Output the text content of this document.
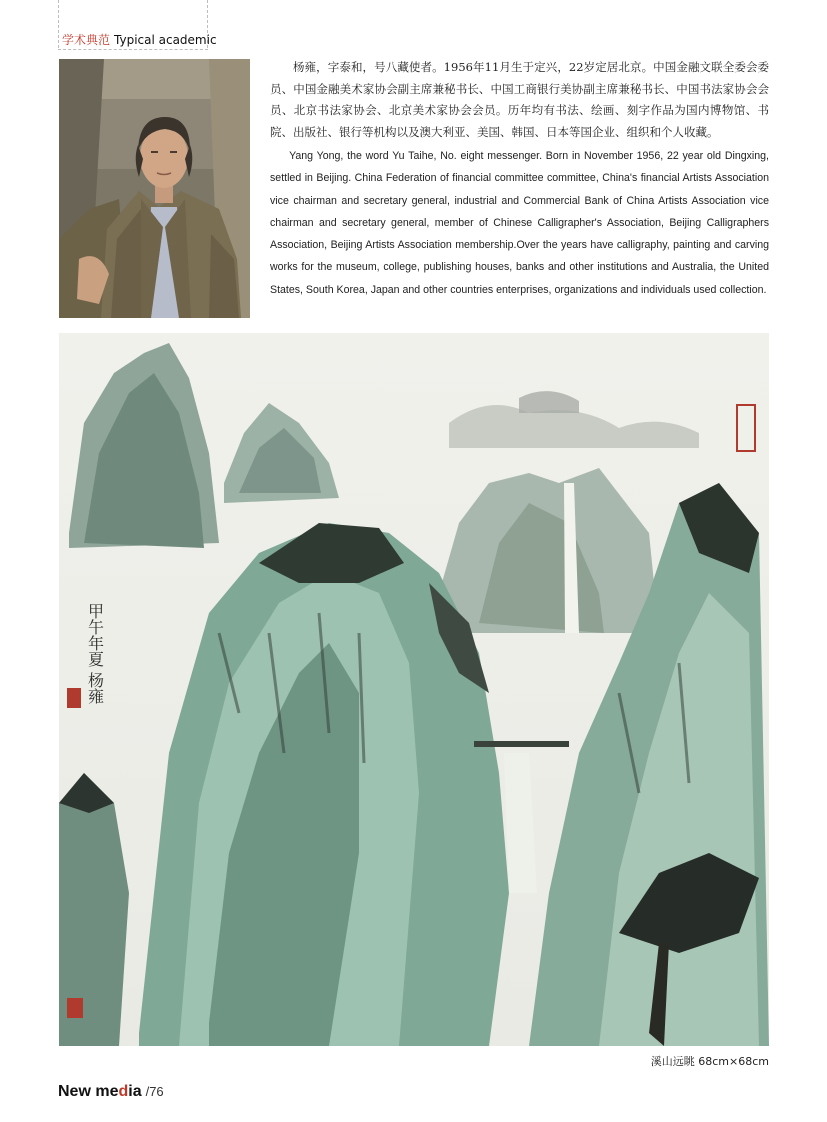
学术典范 Typical academic

杨雍，字泰和，号八藏使者。1956年11月生于定兴，22岁定居北京。中国金融文联全委会委员、中国金融美术家协会副主席兼秘书长、中国工商银行美协副主席兼秘书长、中国书法家协会会员、北京书法家协会、北京美术家协会会员。历年均有书法、绘画、刻字作品为国内博物馆、书院、出版社、银行等机构以及澳大利亚、美国、韩国、日本等国企业、组织和个人收藏。

Yang Yong, the word Yu Taihe, No. eight messenger. Born in November 1956, 22 year old Dingxing, settled in Beijing. China Federation of financial committee committee, China's financial Artists Association vice chairman and secretary general, industrial and Commercial Bank of China Artists Association vice chairman and secretary general, member of Chinese Calligrapher's Association, Beijing Calligraphers Association, Beijing Artists Association membership.Over the years have calligraphy, painting and carving works for the museum, college, publishing houses, banks and other institutions and Australia, the United States, South Korea, Japan and other countries enterprises, organizations and individuals used collection.

甲午年夏 杨雍
溪山远眺 68cm×68cm
New media /76
